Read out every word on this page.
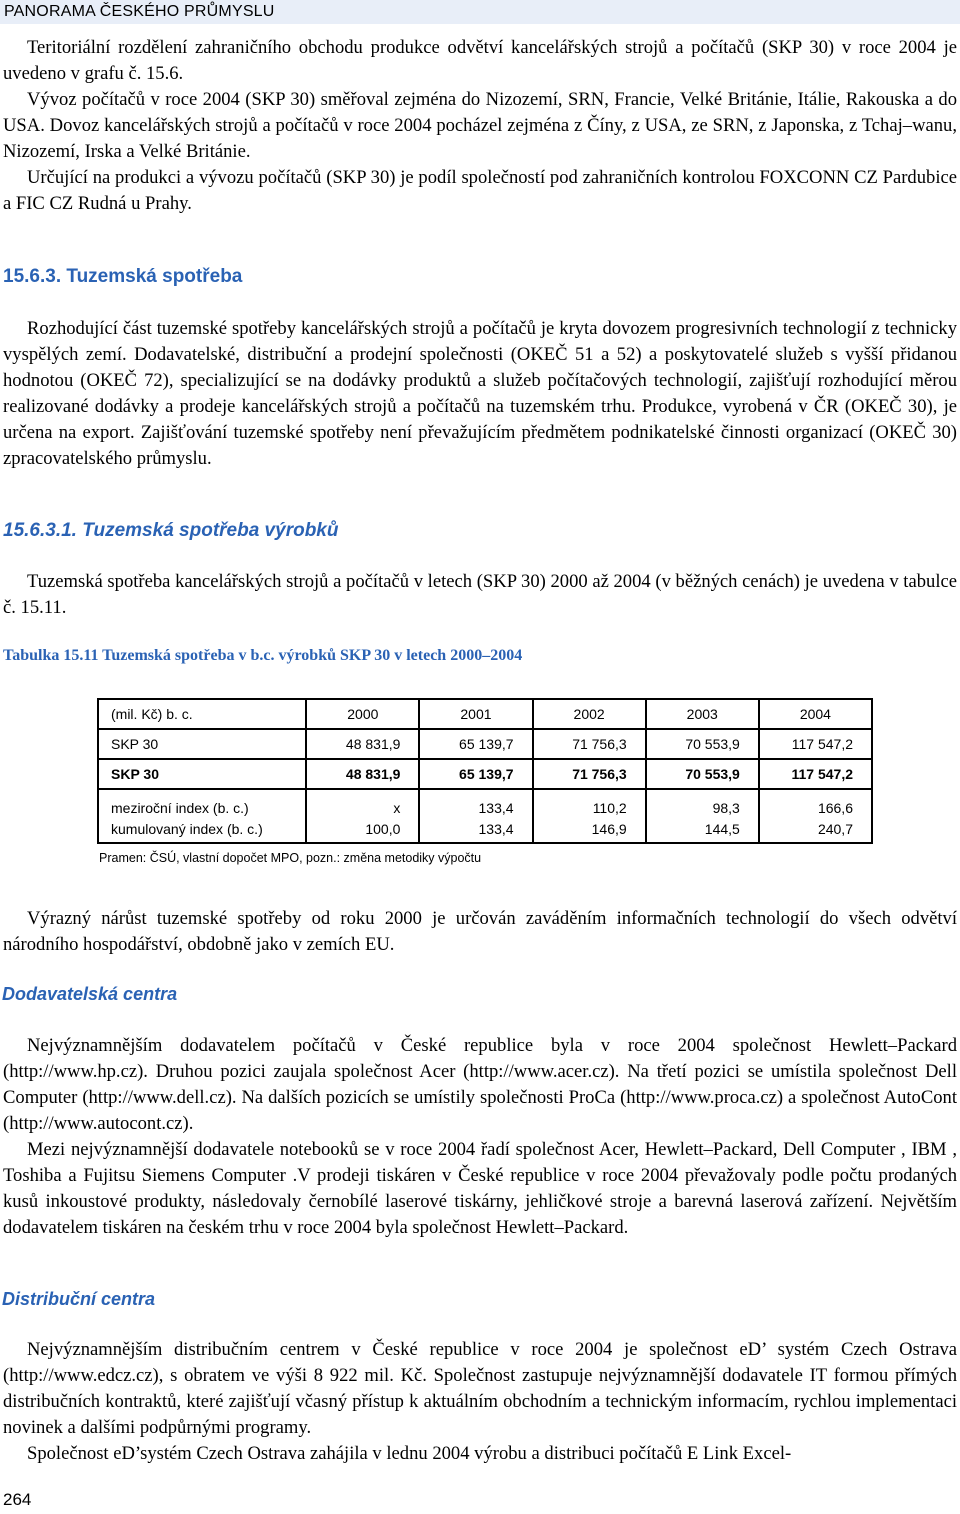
PANORAMA ČESKÉHO PRŮMYSLU

Teritoriální rozdělení zahraničního obchodu produkce odvětví kancelářských strojů a počítačů (SKP 30) v roce 2004 je uvedeno v grafu č. 15.6.

Vývoz počítačů v roce 2004 (SKP 30) směřoval zejména do Nizozemí, SRN, Francie, Velké Británie, Itálie, Rakouska a do USA. Dovoz kancelářských strojů a počítačů v roce 2004 pocházel zejména z Číny, z USA, ze SRN, z Japonska, z Tchaj–wanu, Nizozemí, Irska a Velké Británie.

Určující na produkci a vývozu počítačů (SKP 30) je podíl společností pod zahraničních kontrolou FOXCONN CZ Pardubice a FIC CZ Rudná u Prahy.

15.6.3. Tuzemská spotřeba

Rozhodující část tuzemské spotřeby kancelářských strojů a počítačů je kryta dovozem progresivních technologií z technicky vyspělých zemí. Dodavatelské, distribuční a prodejní společnosti (OKEČ 51 a 52) a poskytovatelé služeb s vyšší přidanou hodnotou (OKEČ 72), specializující se na dodávky produktů a služeb počítačových technologií, zajišťují rozhodující měrou realizované dodávky a prodeje kancelářských strojů a počítačů na tuzemském trhu. Produkce, vyrobená v ČR (OKEČ 30), je určena na export. Zajišťování tuzemské spotřeby není převažujícím předmětem podnikatelské činnosti organizací (OKEČ 30) zpracovatelského průmyslu.

15.6.3.1. Tuzemská spotřeba výrobků

Tuzemská spotřeba kancelářských strojů a počítačů v letech (SKP 30) 2000 až 2004 (v běžných cenách) je uvedena v tabulce č. 15.11.

Tabulka 15.11 Tuzemská spotřeba v b.c. výrobků SKP 30 v letech 2000–2004
(mil. Kč) b. c.	2000	2001	2002	2003	2004
SKP 30	48 831,9	65 139,7	71 756,3	70 553,9	117 547,2
SKP 30	48 831,9	65 139,7	71 756,3	70 553,9	117 547,2
meziroční index (b. c.)	x	133,4	110,2	98,3	166,6
kumulovaný index (b. c.)	100,0	133,4	146,9	144,5	240,7
Pramen: ČSÚ, vlastní dopočet MPO, pozn.: změna metodiky výpočtu

Výrazný nárůst tuzemské spotřeby od roku 2000 je určován zaváděním informačních technologií do všech odvětví národního hospodářství, obdobně jako v zemích EU.

Dodavatelská centra

Nejvýznamnějším dodavatelem počítačů v České republice byla v roce 2004 společnost Hewlett–Packard (http://www.hp.cz). Druhou pozici zaujala společnost Acer (http://www.acer.cz). Na třetí pozici se umístila společnost Dell Computer (http://www.dell.cz). Na dalších pozicích se umístily společnosti ProCa (http://www.proca.cz) a společnost AutoCont (http://www.autocont.cz).

Mezi nejvýznamnější dodavatele notebooků se v roce 2004 řadí společnost Acer, Hewlett–Packard, Dell Computer , IBM , Toshiba a Fujitsu Siemens Computer .V prodeji tiskáren v České republice v roce 2004 převažovaly podle počtu prodaných kusů inkoustové produkty, následovaly černobílé laserové tiskárny, jehličkové stroje a barevná laserová zařízení. Největším dodavatelem tiskáren na českém trhu v roce 2004 byla společnost Hewlett–Packard.

Distribuční centra

Nejvýznamnějším distribučním centrem v České republice v roce 2004 je společnost eD’ systém Czech Ostrava (http://www.edcz.cz), s obratem ve výši 8 922 mil. Kč. Společnost zastupuje nejvýznamnější dodavatele IT formou přímých distribučních kontraktů, které zajišťují včasný přístup k aktuálním obchodním a technickým informacím, rychlou implementaci novinek a dalšími podpůrnými programy.

Společnost eD’systém Czech Ostrava zahájila v lednu 2004 výrobu a distribuci počítačů E Link Excel-

264
